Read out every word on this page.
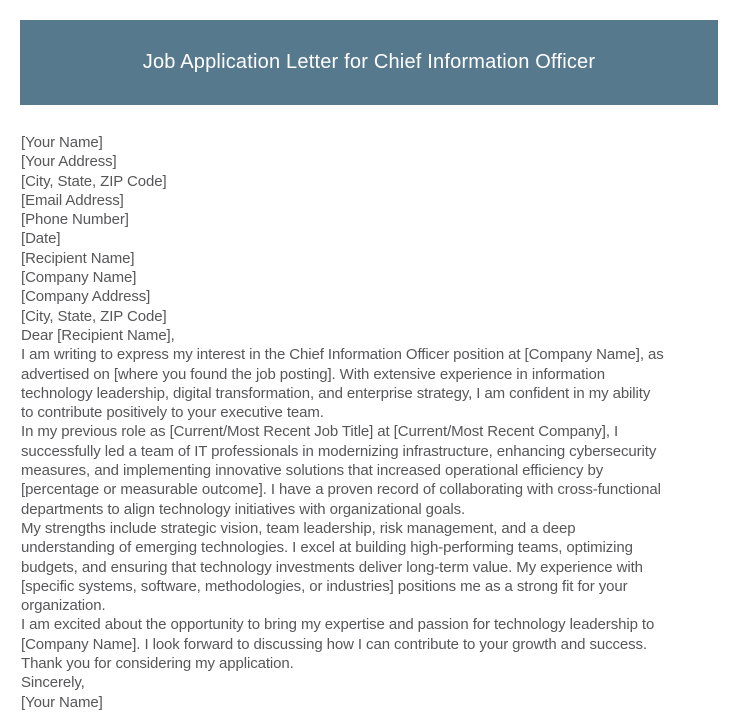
Job Application Letter for Chief Information Officer
[Your Name]
[Your Address]
[City, State, ZIP Code]
[Email Address]
[Phone Number]
[Date]
[Recipient Name]
[Company Name]
[Company Address]
[City, State, ZIP Code]
Dear [Recipient Name],
I am writing to express my interest in the Chief Information Officer position at [Company Name], as
advertised on [where you found the job posting]. With extensive experience in information
technology leadership, digital transformation, and enterprise strategy, I am confident in my ability
to contribute positively to your executive team.
In my previous role as [Current/Most Recent Job Title] at [Current/Most Recent Company], I
successfully led a team of IT professionals in modernizing infrastructure, enhancing cybersecurity
measures, and implementing innovative solutions that increased operational efficiency by
[percentage or measurable outcome]. I have a proven record of collaborating with cross-functional
departments to align technology initiatives with organizational goals.
My strengths include strategic vision, team leadership, risk management, and a deep
understanding of emerging technologies. I excel at building high-performing teams, optimizing
budgets, and ensuring that technology investments deliver long-term value. My experience with
[specific systems, software, methodologies, or industries] positions me as a strong fit for your
organization.
I am excited about the opportunity to bring my expertise and passion for technology leadership to
[Company Name]. I look forward to discussing how I can contribute to your growth and success.
Thank you for considering my application.
Sincerely,
[Your Name]
